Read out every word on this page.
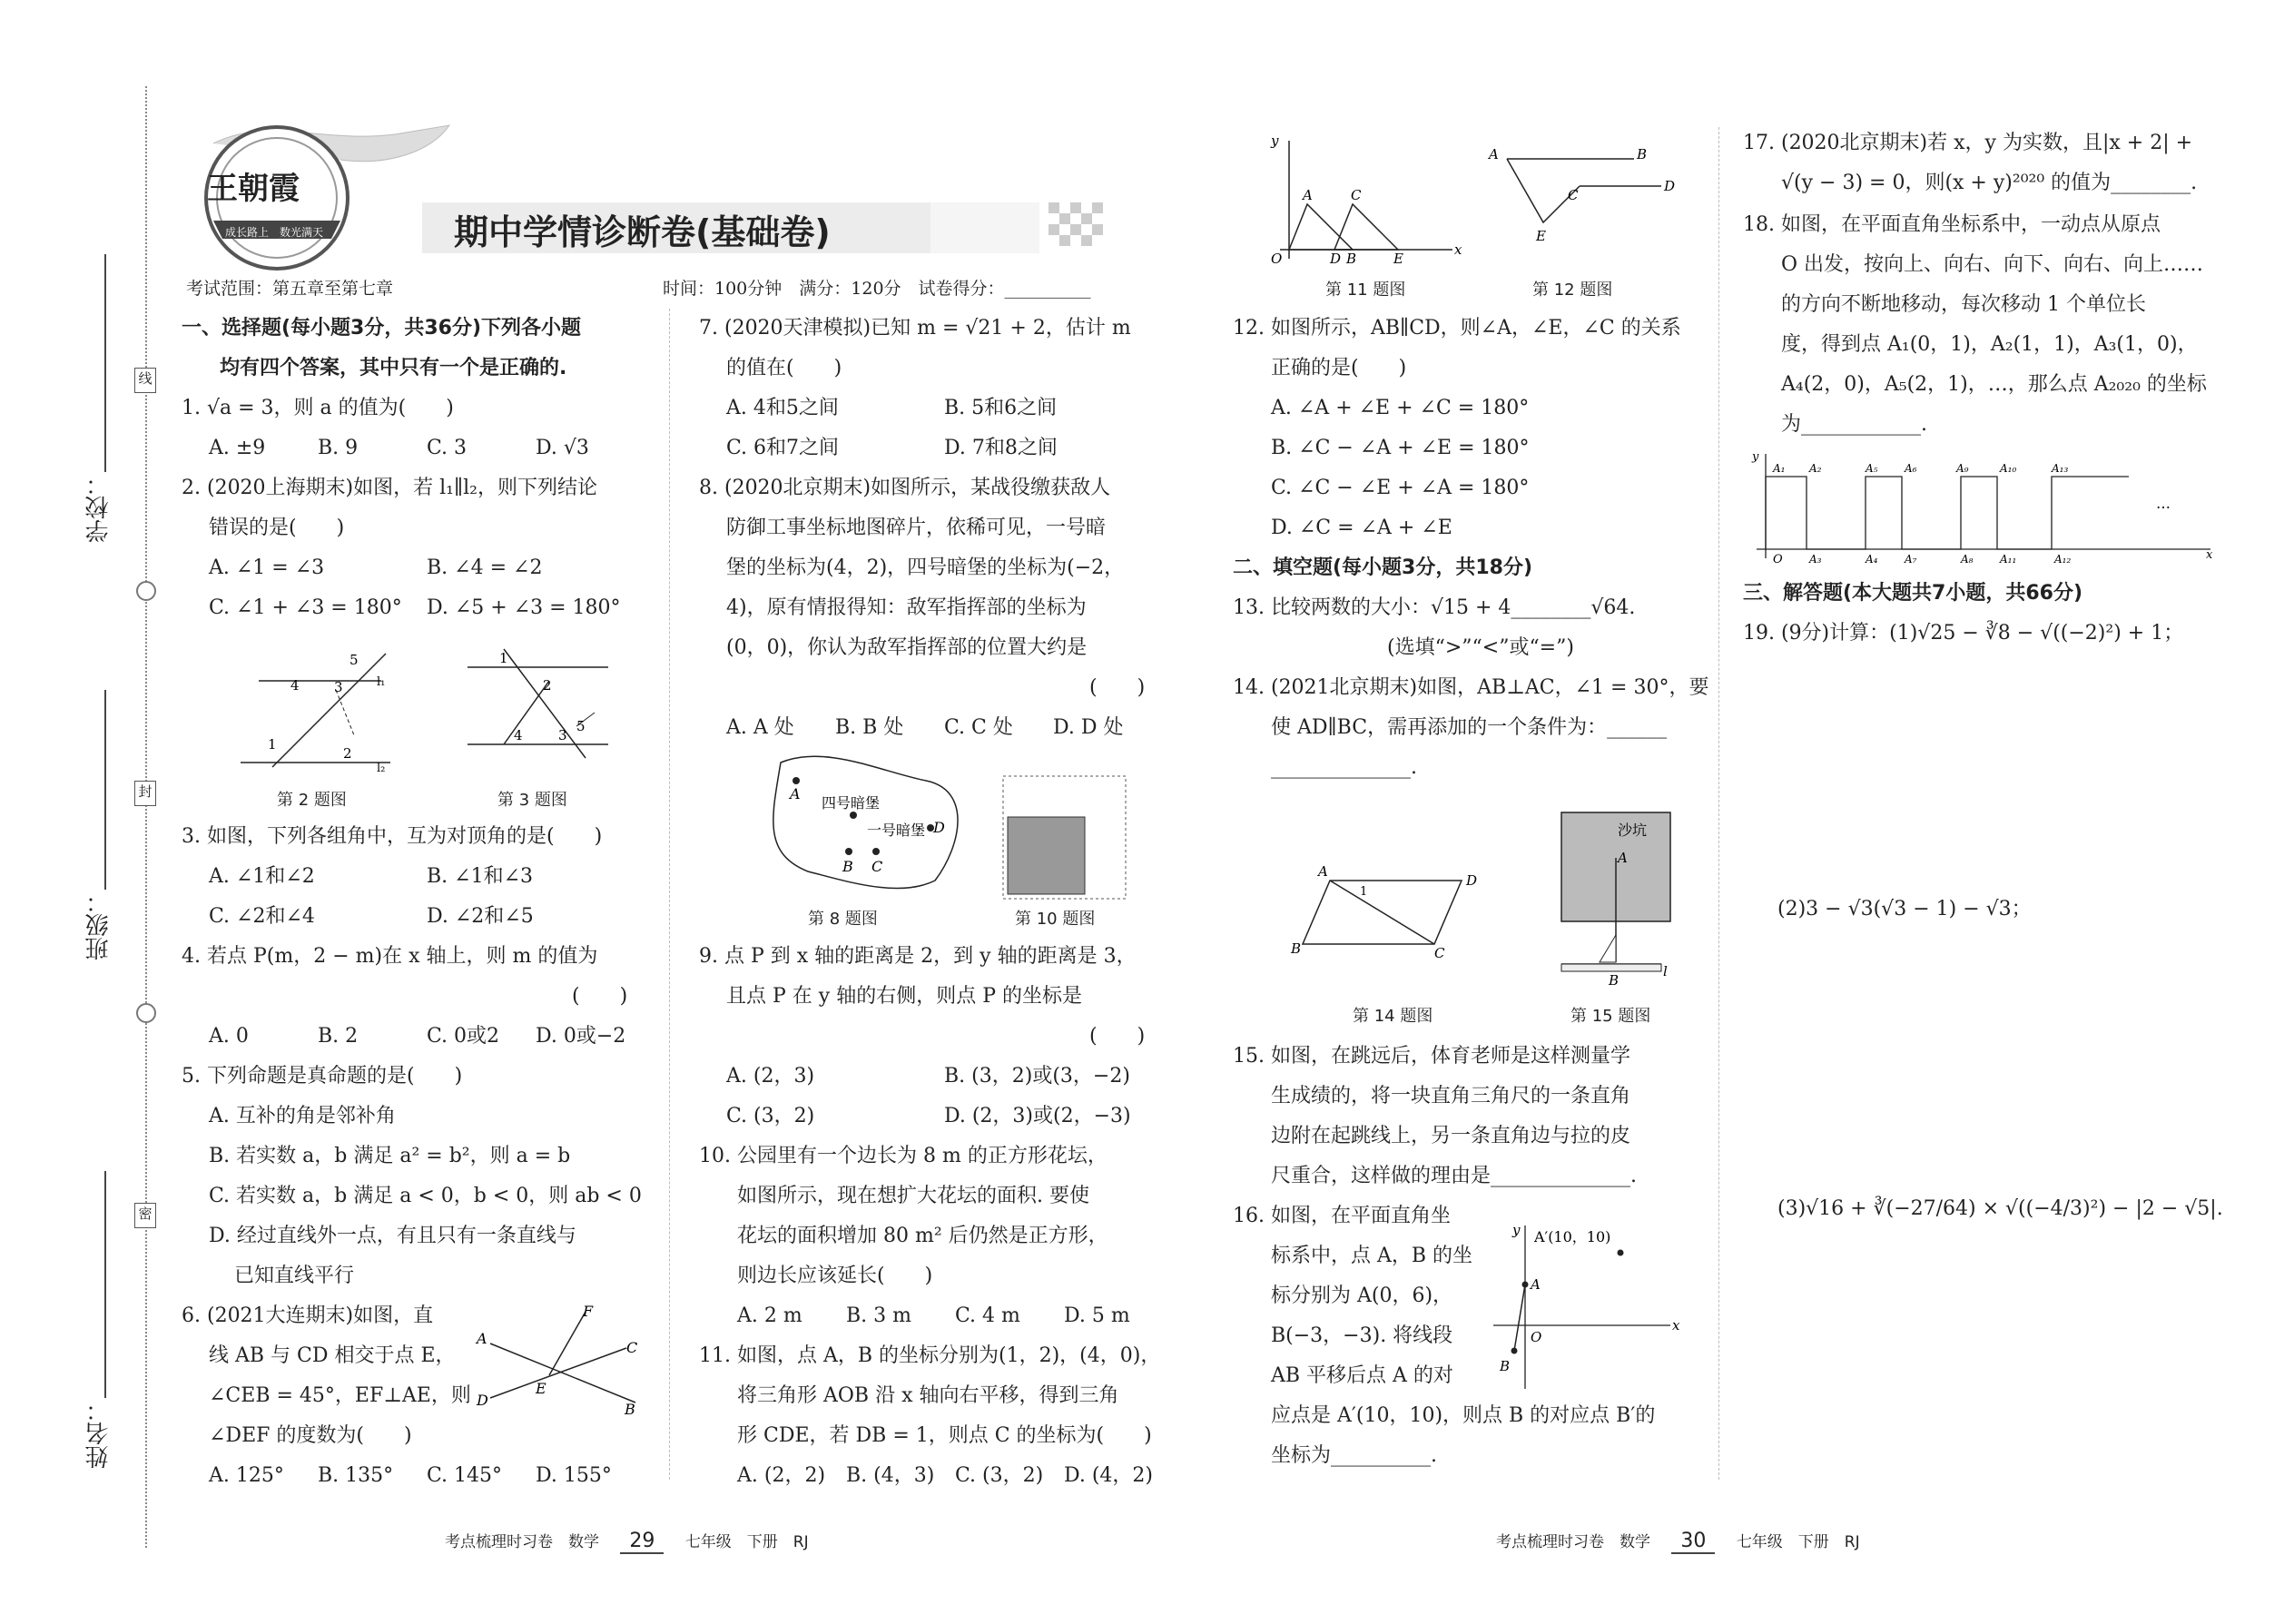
学校：
班级：
姓名：
线
封
密
王朝霞
成长路上　 数光满天	期中学情诊断卷(基础卷)
考试范围：第五章至第七章	时间：100分钟　满分：120分　试卷得分：__________

一、选择题(每小题3分，共36分)下列各小题

均有四个答案，其中只有一个是正确的.

1. √a = 3，则 a 的值为(　　)

A. ±9	B. 9	C. 3	D. √3

2. (2020上海期末)如图，若 l₁∥l₂，则下列结论

错误的是(　　)

A. ∠1 = ∠3	B. ∠4 = ∠2

C. ∠1 + ∠3 = 180° D. ∠5 + ∠3 = 180°

5
4	3
1
2
l₁
l₂
1
2
4	3
5
第 2 题图	第 3 题图

3. 如图，下列各组角中，互为对顶角的是(　　)

A. ∠1和∠2	B. ∠1和∠3

C. ∠2和∠4	D. ∠2和∠5

4. 若点 P(m，2 − m)在 x 轴上，则 m 的值为

(　　)

A. 0	B. 2	C. 0或2 D. 0或−2

5. 下列命题是真命题的是(　　)

A. 互补的角是邻补角

B. 若实数 a，b 满足 a² = b²，则 a = b

C. 若实数 a，b 满足 a < 0，b < 0，则 ab < 0

D. 经过直线外一点，有且只有一条直线与

已知直线平行

6. (2021大连期末)如图，直

线 AB 与 CD 相交于点 E，

∠CEB = 45°，EF⊥AE，则

∠DEF 的度数为(　　)

A. 125° B. 135° C. 145° D. 155°

A
B
C
D
E
F

7. (2020天津模拟)已知 m = √21 + 2，估计 m

的值在(　　)

A. 4和5之间	B. 5和6之间

C. 6和7之间	D. 7和8之间

8. (2020北京期末)如图所示，某战役缴获敌人

防御工事坐标地图碎片，依稀可见，一号暗

堡的坐标为(4，2)，四号暗堡的坐标为(−2，

4)，原有情报得知：敌军指挥部的坐标为

(0，0)，你认为敌军指挥部的位置大约是

(　　)

A. A 处 B. B 处 C. C 处 D. D 处

A
B C
D
四号暗堡
一号暗堡
第 8 题图	第 10 题图

9. 点 P 到 x 轴的距离是 2，到 y 轴的距离是 3，

且点 P 在 y 轴的右侧，则点 P 的坐标是

(　　)

A. (2，3)	B. (3，2)或(3，−2)

C. (3，2)	D. (2，3)或(2，−3)

10. 公园里有一个边长为 8 m 的正方形花坛，

如图所示，现在想扩大花坛的面积. 要使

花坛的面积增加 80 m² 后仍然是正方形，

则边长应该延长(　　)

A. 2 m B. 3 m C. 4 m D. 5 m

11. 如图，点 A，B 的坐标分别为(1，2)，(4，0)，

将三角形 AOB 沿 x 轴向右平移，得到三角

形 CDE，若 DB = 1，则点 C 的坐标为(　　)

A. (2，2) B. (4，3) C. (3，2) D. (4，2)

y
x
O
A	C
D B	E
A	B
C
D
E
第 11 题图	第 12 题图

12. 如图所示，AB∥CD，则∠A，∠E，∠C 的关系

正确的是(　　)

A. ∠A + ∠E + ∠C = 180°

B. ∠C − ∠A + ∠E = 180°

C. ∠C − ∠E + ∠A = 180°

D. ∠C = ∠A + ∠E

二、填空题(每小题3分，共18分)

13. 比较两数的大小：√15 + 4________√64.

(选填“>”“<”或“=”)

14. (2021北京期末)如图，AB⊥AC，∠1 = 30°，要

使 AD∥BC，需再添加的一个条件为：______

______________.

A
D
B	C
1
A
B
l
沙坑
第 14 题图	第 15 题图

15. 如图，在跳远后，体育老师是这样测量学

生成绩的，将一块直角三角尺的一条直角

边附在起跳线上，另一条直角边与拉的皮

尺重合，这样做的理由是______________.

16. 如图，在平面直角坐

标系中，点 A，B 的坐

标分别为 A(0，6)，

B(−3，−3). 将线段

AB 平移后点 A 的对

应点是 A′(10，10)，则点 B 的对应点 B′的

坐标为__________.

A′(10，10)
y
x
O
A
B

17. (2020北京期末)若 x，y 为实数，且|x + 2| +

√(y − 3) = 0，则(x + y)²⁰²⁰ 的值为________.

18. 如图，在平面直角坐标系中，一动点从原点

O 出发，按向上、向右、向下、向右、向上……

的方向不断地移动，每次移动 1 个单位长

度，得到点 A₁(0，1)，A₂(1，1)，A₃(1，0)，

A₄(2，0)，A₅(2，1)，…，那么点 A₂₀₂₀ 的坐标

为____________.

A₁ A₂	A₅ A₆	A₉	A₁₀	A₁₃
O A₃	A₄ A₇	A₈ A₁₁	A₁₂
…
y
x

三、解答题(本大题共7小题，共66分)

19. (9分)计算：(1)√25 − ∛8 − √((−2)²) + 1；

(2)3 − √3(√3 − 1) − √3；

(3)√16 + ∛(−27/64) × √((−4/3)²) − |2 − √5|.

考点梳理时习卷　数学 29 七年级　下册　RJ	考点梳理时习卷　数学 30 七年级　下册　RJ
